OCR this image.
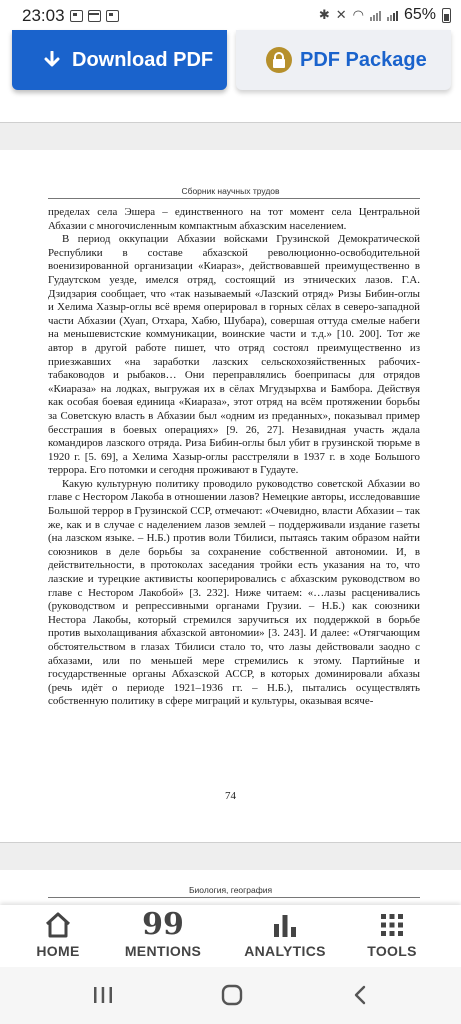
23:03	✱ ✕ ◠	65%
Download PDF	PDF Package
Сборник научных трудов

пределах села Эшера – единственного на тот момент села Центральной Абхазии с многочисленным компактным абхазским населением.

В период оккупации Абхазии войсками Грузинской Демократической Республики в составе абхазской революционно-освободительной военизированной организации «Киараз», действовавшей преимущественно в Гудаутском уезде, имелся отряд, состоящий из этнических лазов. Г.А. Дзидзария сообщает, что «так называемый «Лазский отряд» Ризы Бибин-оглы и Хелима Хазыр-оглы всё время оперировал в горных сёлах в северо-западной части Абхазии (Хуап, Отхара, Хабю, Шубара), совершая оттуда смелые набеги на меньшевистские коммуникации, воинские части и т.д.» [10. 200]. Тот же автор в другой работе пишет, что отряд состоял преимущественно из приезжавших «на заработки лазских сельскохозяйственных рабочих-табаководов и рыбаков… Они переправлялись боеприпасы для отрядов «Киараза» на лодках, выгружая их в сёлах Мгудзырхва и Бамбора. Действуя как особая боевая единица «Киараза», этот отряд на всём протяжении борьбы за Советскую власть в Абхазии был «одним из преданных», показывал пример бесстрашия в боевых операциях» [9. 26, 27]. Незавидная участь ждала командиров лазского отряда. Риза Бибин-оглы был убит в грузинской тюрьме в 1920 г. [5. 69], а Хелима Хазыр-оглы расстреляли в 1937 г. в ходе Большого террора. Его потомки и сегодня проживают в Гудауте.

Какую культурную политику проводило руководство советской Абхазии во главе с Нестором Лакоба в отношении лазов? Немецкие авторы, исследовавшие Большой террор в Грузинской ССР, отмечают: «Очевидно, власти Абхазии – так же, как и в случае с наделением лазов землей – поддерживали издание газеты (на лазском языке. – Н.Б.) против воли Тбилиси, пытаясь таким образом найти союзников в деле борьбы за сохранение собственной автономии. И, в действительности, в протоколах заседания тройки есть указания на то, что лазские и турецкие активисты кооперировались с абхазским руководством во главе с Нестором Лакобой» [3. 232]. Ниже читаем: «…лазы расценивались (руководством и репрессивными органами Грузии. – Н.Б.) как союзники Нестора Лакобы, который стремился заручиться их поддержкой в борьбе против выхолащивания абхазской автономии» [3. 243]. И далее: «Отягчающим обстоятельством в глазах Тбилиси стало то, что лазы действовали заодно с абхазами, или по меньшей мере стремились к этому. Партийные и государственные органы Абхазской АССР, в которых доминировали абхазы (речь идёт о периоде 1921–1936 гг. – Н.Б.), пытались осуществлять собственную политику в сфере миграций и культуры, оказывая всяче-

74
Биология, география
HOME
99
MENTIONS	ANALYTICS	TOOLS
